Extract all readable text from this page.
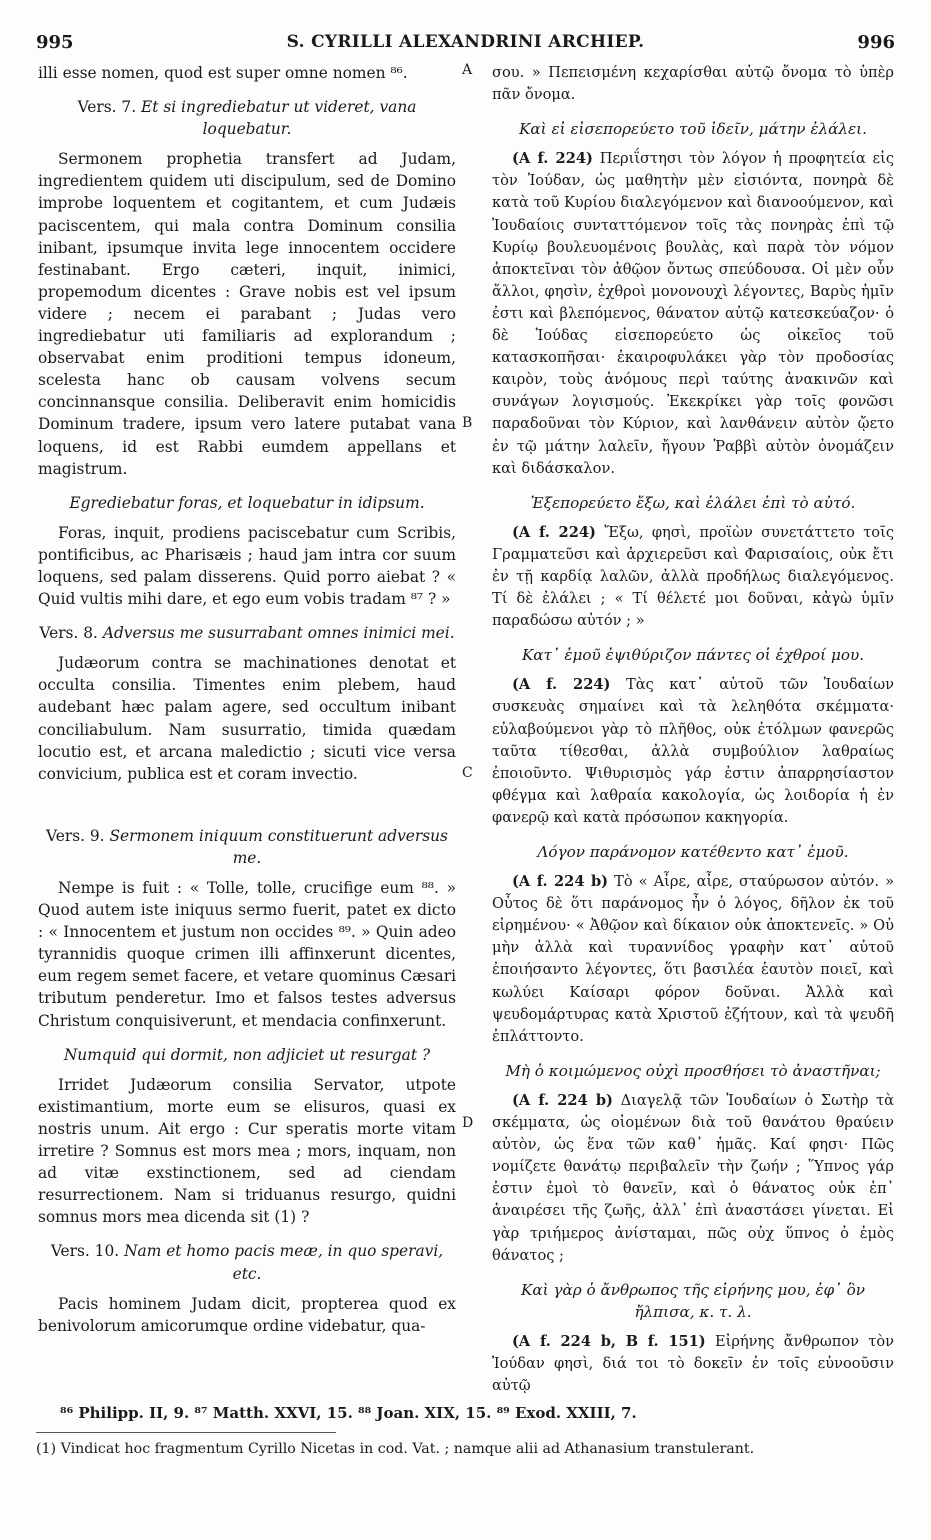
995	S. CYRILLI ALEXANDRINI ARCHIEP.	996

illi esse nomen, quod est super omne nomen ⁸⁶.

Vers. 7. Et si ingrediebatur ut videret, vana loquebatur.

Sermonem prophetia transfert ad Judam, ingredientem quidem uti discipulum, sed de Domino improbe loquentem et cogitantem, et cum Judæis paciscentem, qui mala contra Dominum consilia inibant, ipsumque invita lege innocentem occidere festinabant. Ergo cæteri, inquit, inimici, propemodum dicentes : Grave nobis est vel ipsum videre ; necem ei parabant ; Judas vero ingrediebatur uti familiaris ad explorandum ; observabat enim proditioni tempus idoneum, scelesta hanc ob causam volvens secum concinnansque consilia. Deliberavit enim homicidis Dominum tradere, ipsum vero latere putabat vana loquens, id est Rabbi eumdem appellans et magistrum.

Egrediebatur foras, et loquebatur in idipsum.

Foras, inquit, prodiens paciscebatur cum Scribis, pontificibus, ac Pharisæis ; haud jam intra cor suum loquens, sed palam disserens. Quid porro aiebat ? « Quid vultis mihi dare, et ego eum vobis tradam ⁸⁷ ? »

Vers. 8. Adversus me susurrabant omnes inimici mei.

Judæorum contra se machinationes denotat et occulta consilia. Timentes enim plebem, haud audebant hæc palam agere, sed occultum inibant conciliabulum. Nam susurratio, timida quædam locutio est, et arcana maledictio ; sicuti vice versa convicium, publica est et coram invectio.

Vers. 9. Sermonem iniquum constituerunt adversus me.

Nempe is fuit : « Tolle, tolle, crucifige eum ⁸⁸. » Quod autem iste iniquus sermo fuerit, patet ex dicto : « Innocentem et justum non occides ⁸⁹. » Quin adeo tyrannidis quoque crimen illi affinxerunt dicentes, eum regem semet facere, et vetare quominus Cæsari tributum penderetur. Imo et falsos testes adversus Christum conquisiverunt, et mendacia confinxerunt.

Numquid qui dormit, non adjiciet ut resurgat ?

Irridet Judæorum consilia Servator, utpote existimantium, morte eum se elisuros, quasi ex nostris unum. Ait ergo : Cur speratis morte vitam irretire ? Somnus est mors mea ; mors, inquam, non ad vitæ exstinctionem, sed ad ciendam resurrectionem. Nam si triduanus resurgo, quidni somnus mors mea dicenda sit (1) ?

Vers. 10. Nam et homo pacis meæ, in quo speravi, etc.

Pacis hominem Judam dicit, propterea quod ex benivolorum amicorumque ordine videbatur, qua-

σου. » Πεπεισμένη κεχαρίσθαι αὐτῷ ὄνομα τὸ ὑπὲρ πᾶν ὄνομα.

Καὶ εἰ εἰσεπορεύετο τοῦ ἰδεῖν, μάτην ἐλάλει.

(A f. 224) Περιΐστησι τὸν λόγον ἡ προφητεία εἰς τὸν Ἰούδαν, ὡς μαθητὴν μὲν εἰσιόντα, πονηρὰ δὲ κατὰ τοῦ Κυρίου διαλεγόμενον καὶ διανοούμενον, καὶ Ἰουδαίοις συνταττόμενον τοῖς τὰς πονηρὰς ἐπὶ τῷ Κυρίῳ βουλευομένοις βουλὰς, καὶ παρὰ τὸν νόμον ἀποκτεῖναι τὸν ἀθῷον ὄντως σπεύδουσα. Οἱ μὲν οὖν ἄλλοι, φησὶν, ἐχθροὶ μονονουχὶ λέγοντες, Βαρὺς ἡμῖν ἐστι καὶ βλεπόμενος, θάνατον αὐτῷ κατεσκεύαζον· ὁ δὲ Ἰούδας εἰσεπορεύετο ὡς οἰκεῖος τοῦ κατασκοπῆσαι· ἐκαιροφυλάκει γὰρ τὸν προδοσίας καιρὸν, τοὺς ἀνόμους περὶ ταύτης ἀνακινῶν καὶ συνάγων λογισμούς. Ἐκεκρίκει γὰρ τοῖς φονῶσι παραδοῦναι τὸν Κύριον, καὶ λανθάνειν αὐτὸν ᾤετο ἐν τῷ μάτην λαλεῖν, ἤγουν Ῥαββὶ αὐτὸν ὀνομάζειν καὶ διδάσκαλον.

Ἐξεπορεύετο ἔξω, καὶ ἐλάλει ἐπὶ τὸ αὐτό.

(A f. 224) Ἔξω, φησὶ, προϊὼν συνετάττετο τοῖς Γραμματεῦσι καὶ ἀρχιερεῦσι καὶ Φαρισαίοις, οὐκ ἔτι ἐν τῇ καρδίᾳ λαλῶν, ἀλλὰ προδήλως διαλεγόμενος. Τί δὲ ἐλάλει ; « Τί θέλετέ μοι δοῦναι, κἀγὼ ὑμῖν παραδώσω αὐτόν ; »

Κατ᾽ ἐμοῦ ἐψιθύριζον πάντες οἱ ἐχθροί μου.

(A f. 224) Τὰς κατ᾽ αὐτοῦ τῶν Ἰουδαίων συσκευὰς σημαίνει καὶ τὰ λεληθότα σκέμματα· εὐλαβούμενοι γὰρ τὸ πλῆθος, οὐκ ἐτόλμων φανερῶς ταῦτα τίθεσθαι, ἀλλὰ συμβούλιον λαθραίως ἐποιοῦντο. Ψιθυρισμὸς γάρ ἐστιν ἀπαρρησίαστον φθέγμα καὶ λαθραία κακολογία, ὡς λοιδορία ἡ ἐν φανερῷ καὶ κατὰ πρόσωπον κακηγορία.

Λόγον παράνομον κατέθεντο κατ᾽ ἐμοῦ.

(A f. 224 b) Τὸ « Αἶρε, αἶρε, σταύρωσον αὐτόν. » Οὗτος δὲ ὅτι παράνομος ἦν ὁ λόγος, δῆλον ἐκ τοῦ εἰρημένου· « Ἀθῷον καὶ δίκαιον οὐκ ἀποκτενεῖς. » Οὐ μὴν ἀλλὰ καὶ τυραννίδος γραφὴν κατ᾽ αὐτοῦ ἐποιήσαντο λέγοντες, ὅτι βασιλέα ἑαυτὸν ποιεῖ, καὶ κωλύει Καίσαρι φόρον δοῦναι. Ἀλλὰ καὶ ψευδομάρτυρας κατὰ Χριστοῦ ἐζήτουν, καὶ τὰ ψευδῆ ἐπλάττοντο.

Μὴ ὁ κοιμώμενος οὐχὶ προσθήσει τὸ ἀναστῆναι;

(A f. 224 b) Διαγελᾷ τῶν Ἰουδαίων ὁ Σωτὴρ τὰ σκέμματα, ὡς οἰομένων διὰ τοῦ θανάτου θραύειν αὐτὸν, ὡς ἕνα τῶν καθ᾽ ἡμᾶς. Καί φησι· Πῶς νομίζετε θανάτῳ περιβαλεῖν τὴν ζωήν ; Ὕπνος γάρ ἐστιν ἐμοὶ τὸ θανεῖν, καὶ ὁ θάνατος οὐκ ἐπ᾽ ἀναιρέσει τῆς ζωῆς, ἀλλ᾽ ἐπὶ ἀναστάσει γίνεται. Εἰ γὰρ τριήμερος ἀνίσταμαι, πῶς οὐχ ὕπνος ὁ ἐμὸς θάνατος ;

Καὶ γὰρ ὁ ἄνθρωπος τῆς εἰρήνης μου, ἐφ᾽ ὃν ἤλπισα, κ. τ. λ.

(A f. 224 b, B f. 151) Εἰρήνης ἄνθρωπον τὸν Ἰούδαν φησὶ, διά τοι τὸ δοκεῖν ἐν τοῖς εὐνοοῦσιν αὐτῷ

A
B
C
D
⁸⁶ Philipp. II, 9. ⁸⁷ Matth. XXVI, 15. ⁸⁸ Joan. XIX, 15. ⁸⁹ Exod. XXIII, 7.
(1) Vindicat hoc fragmentum Cyrillo Nicetas in cod. Vat. ; namque alii ad Athanasium transtulerant.
